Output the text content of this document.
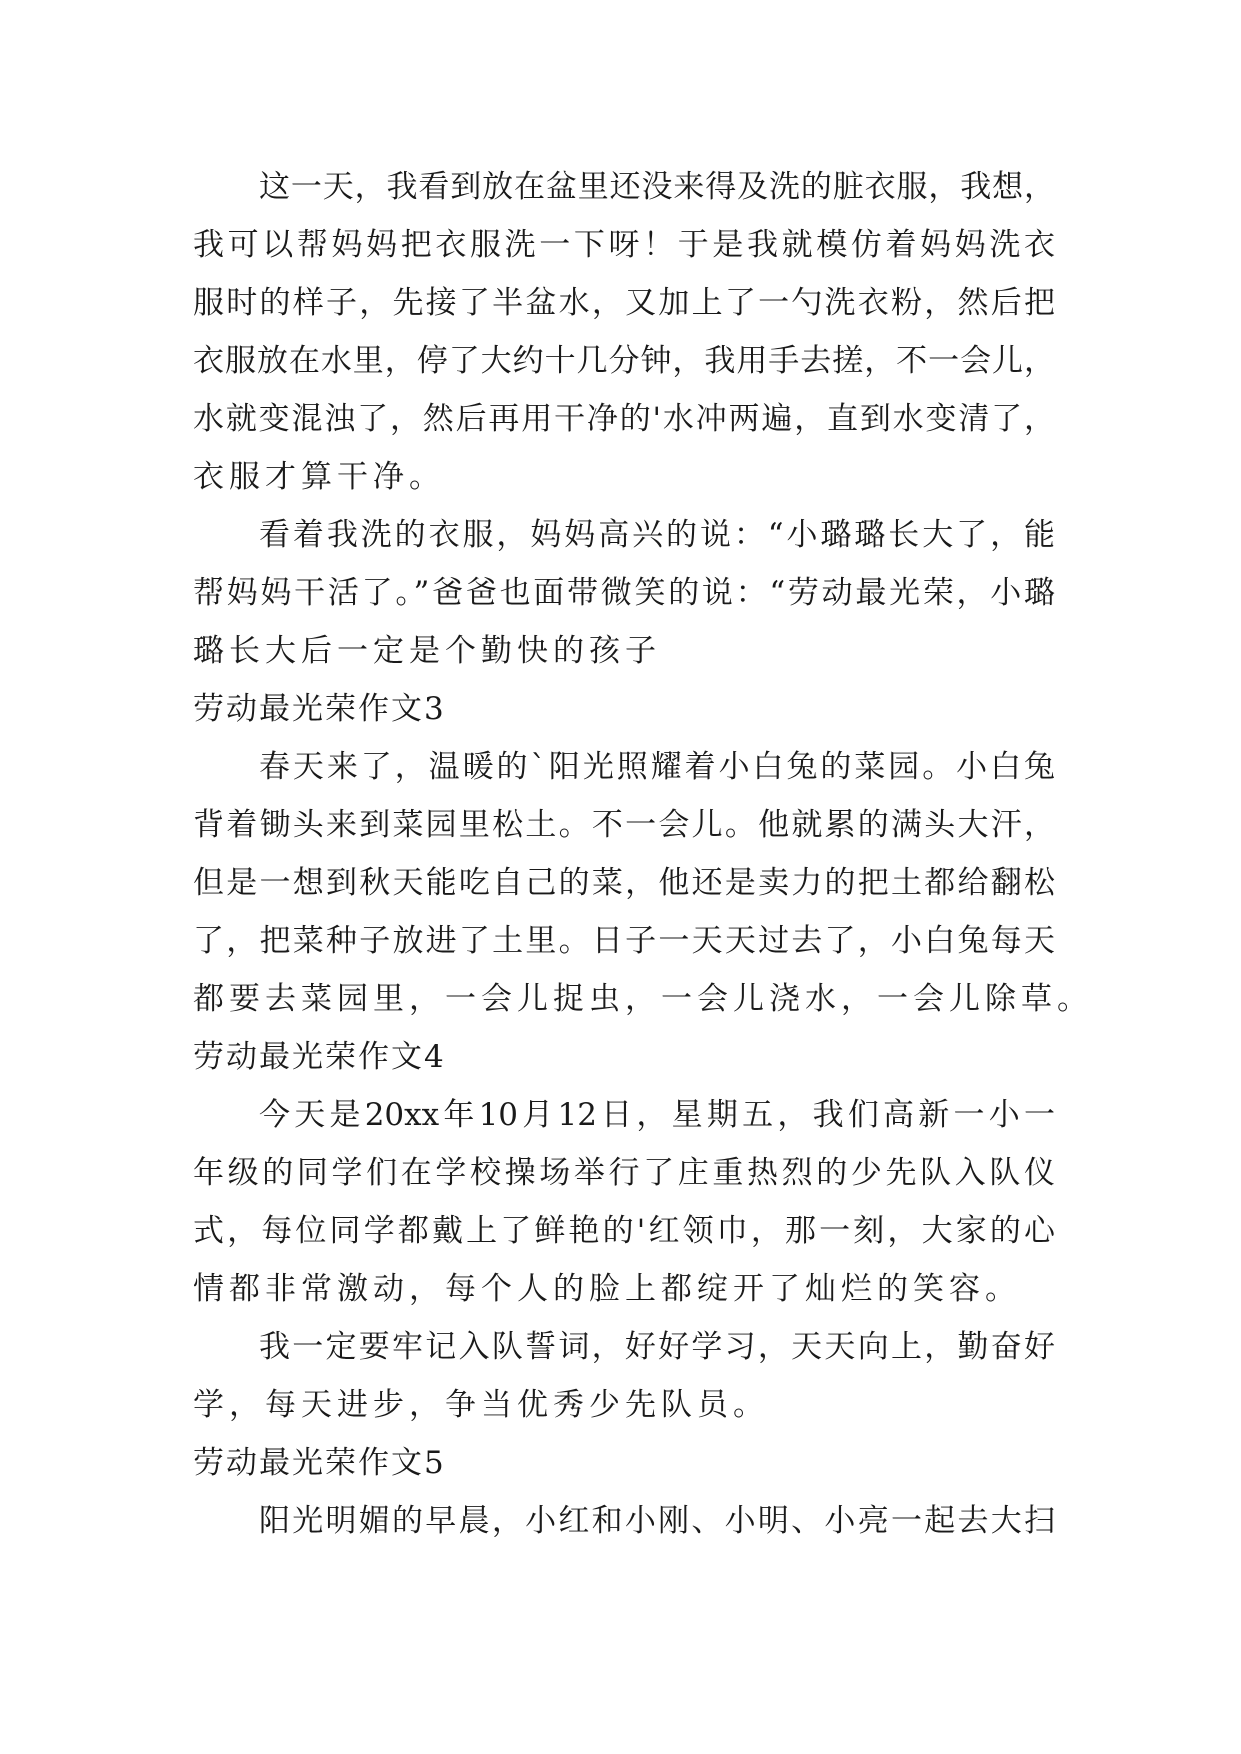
这一天，我看到放在盆里还没来得及洗的脏衣服，我想，
我可以帮妈妈把衣服洗一下呀！于是我就模仿着妈妈洗衣
服时的样子，先接了半盆水，又加上了一勺洗衣粉，然后把
衣服放在水里，停了大约十几分钟，我用手去搓，不一会儿，
水就变混浊了，然后再用干净的'水冲两遍，直到水变清了，
衣服才算干净。
看着我洗的衣服，妈妈高兴的说：“小璐璐长大了，能
帮妈妈干活了。”爸爸也面带微笑的说：“劳动最光荣，小璐
璐长大后一定是个勤快的孩子
劳动最光荣作文3
春天来了，温暖的`阳光照耀着小白兔的菜园。小白兔
背着锄头来到菜园里松土。不一会儿。他就累的满头大汗，
但是一想到秋天能吃自己的菜，他还是卖力的把土都给翻松
了，把菜种子放进了土里。日子一天天过去了，小白兔每天
都要去菜园里，一会儿捉虫，一会儿浇水，一会儿除草。
劳动最光荣作文4
今天是20xx年10月12日，星期五，我们高新一小一
年级的同学们在学校操场举行了庄重热烈的少先队入队仪
式，每位同学都戴上了鲜艳的'红领巾，那一刻，大家的心
情都非常激动，每个人的脸上都绽开了灿烂的笑容。
我一定要牢记入队誓词，好好学习，天天向上，勤奋好
学，每天进步，争当优秀少先队员。
劳动最光荣作文5
阳光明媚的早晨，小红和小刚、小明、小亮一起去大扫
